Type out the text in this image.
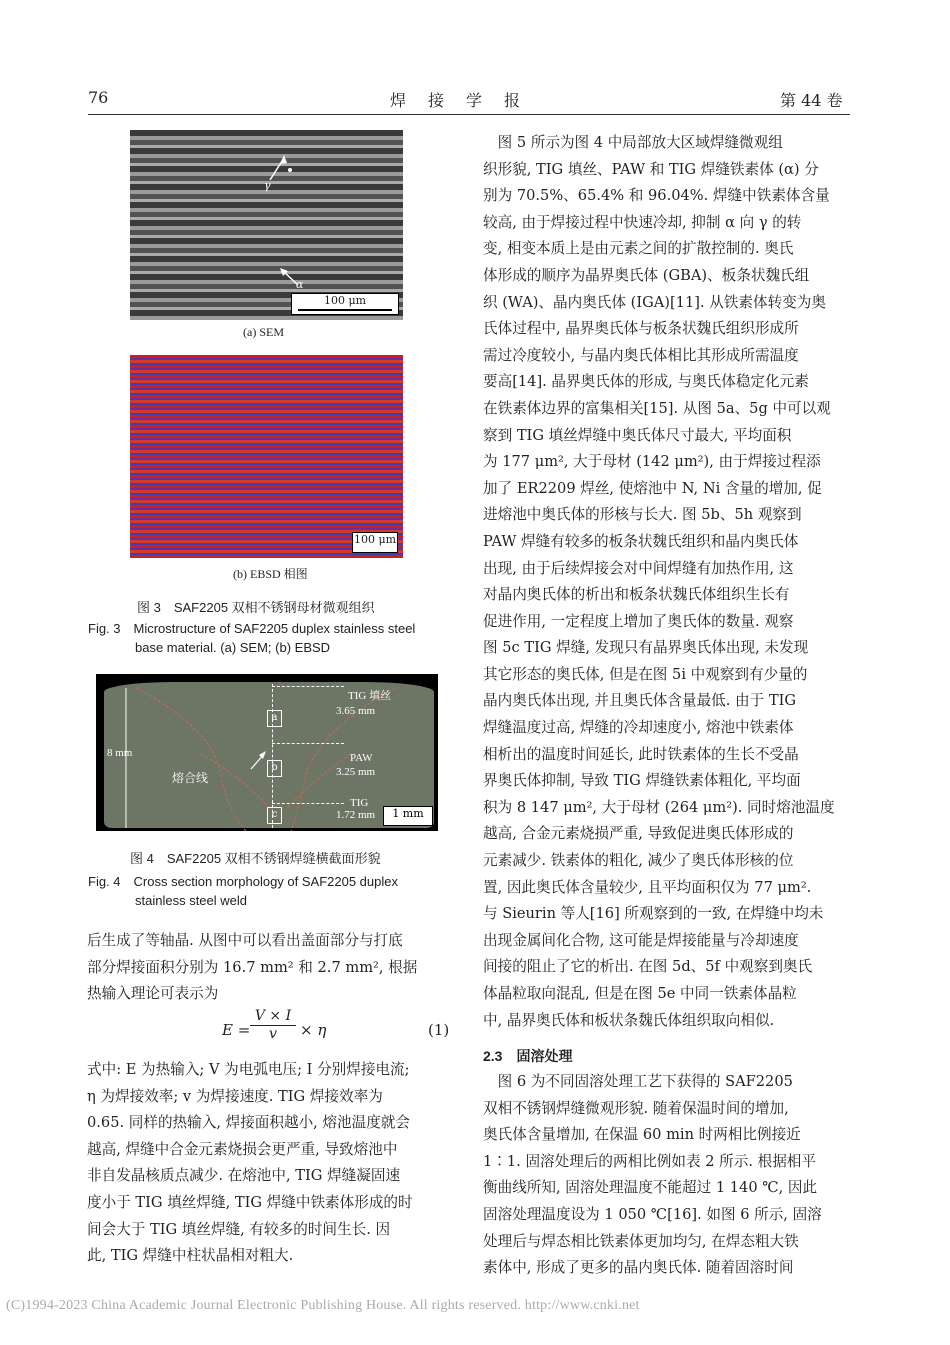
76	焊接学报	第 44 卷
γ
α
100 μm
(a) SEM
100 μm
(b) EBSD 相图
图 3　SAF2205 双相不锈钢母材微观组织
Fig. 3　Microstructure of SAF2205 duplex stainless steel
base material. (a) SEM; (b) EBSD
8 mm
熔合线
a
b
c
TIG 填丝
3.65 mm
PAW
3.25 mm
TIG
1.72 mm	1 mm
图 4　SAF2205 双相不锈钢焊缝横截面形貌
Fig. 4　Cross section morphology of SAF2205 duplex
stainless steel weld
后生成了等轴晶. 从图中可以看出盖面部分与打底
部分焊接面积分别为 16.7 mm² 和 2.7 mm², 根据
热输入理论可表示为
$E = \frac{V \times I}{v} \times \eta$	(1)
式中: E 为热输入; V 为电弧电压; I 分别焊接电流;
η 为焊接效率; v 为焊接速度. TIG 焊接效率为
0.65. 同样的热输入, 焊接面积越小, 熔池温度就会
越高, 焊缝中合金元素烧损会更严重, 导致熔池中
非自发晶核质点减少. 在熔池中, TIG 焊缝凝固速
度小于 TIG 填丝焊缝, TIG 焊缝中铁素体形成的时
间会大于 TIG 填丝焊缝, 有较多的时间生长. 因
此, TIG 焊缝中柱状晶相对粗大.
　图 5 所示为图 4 中局部放大区域焊缝微观组
织形貌, TIG 填丝、PAW 和 TIG 焊缝铁素体 (α) 分
别为 70.5%、65.4% 和 96.04%. 焊缝中铁素体含量
较高, 由于焊接过程中快速冷却, 抑制 α 向 γ 的转
变, 相变本质上是由元素之间的扩散控制的. 奥氏
体形成的顺序为晶界奥氏体 (GBA)、板条状魏氏组
织 (WA)、晶内奥氏体 (IGA)[11]. 从铁素体转变为奥
氏体过程中, 晶界奥氏体与板条状魏氏组织形成所
需过冷度较小, 与晶内奥氏体相比其形成所需温度
要高[14]. 晶界奥氏体的形成, 与奥氏体稳定化元素
在铁素体边界的富集相关[15]. 从图 5a、5g 中可以观
察到 TIG 填丝焊缝中奥氏体尺寸最大, 平均面积
为 177 μm², 大于母材 (142 μm²), 由于焊接过程添
加了 ER2209 焊丝, 使熔池中 N, Ni 含量的增加, 促
进熔池中奥氏体的形核与长大. 图 5b、5h 观察到
PAW 焊缝有较多的板条状魏氏组织和晶内奥氏体
出现, 由于后续焊接会对中间焊缝有加热作用, 这
对晶内奥氏体的析出和板条状魏氏体组织生长有
促进作用, 一定程度上增加了奥氏体的数量. 观察
图 5c TIG 焊缝, 发现只有晶界奥氏体出现, 未发现
其它形态的奥氏体, 但是在图 5i 中观察到有少量的
晶内奥氏体出现, 并且奥氏体含量最低. 由于 TIG
焊缝温度过高, 焊缝的冷却速度小, 熔池中铁素体
相析出的温度时间延长, 此时铁素体的生长不受晶
界奥氏体抑制, 导致 TIG 焊缝铁素体粗化, 平均面
积为 8 147 μm², 大于母材 (264 μm²). 同时熔池温度
越高, 合金元素烧损严重, 导致促进奥氏体形成的
元素减少. 铁素体的粗化, 减少了奥氏体形核的位
置, 因此奥氏体含量较少, 且平均面积仅为 77 μm².
与 Sieurin 等人[16] 所观察到的一致, 在焊缝中均未
出现金属间化合物, 这可能是焊接能量与冷却速度
间接的阻止了它的析出. 在图 5d、5f 中观察到奥氏
体晶粒取向混乱, 但是在图 5e 中同一铁素体晶粒
中, 晶界奥氏体和板状条魏氏体组织取向相似.
2.3　固溶处理
　图 6 为不同固溶处理工艺下获得的 SAF2205
双相不锈钢焊缝微观形貌. 随着保温时间的增加,
奥氏体含量增加, 在保温 60 min 时两相比例接近
1∶1. 固溶处理后的两相比例如表 2 所示. 根据相平
衡曲线所知, 固溶处理温度不能超过 1 140 ℃, 因此
固溶处理温度设为 1 050 ℃[16]. 如图 6 所示, 固溶
处理后与焊态相比铁素体更加均匀, 在焊态粗大铁
素体中, 形成了更多的晶内奥氏体. 随着固溶时间
(C)1994-2023 China Academic Journal Electronic Publishing House. All rights reserved. http://www.cnki.net
